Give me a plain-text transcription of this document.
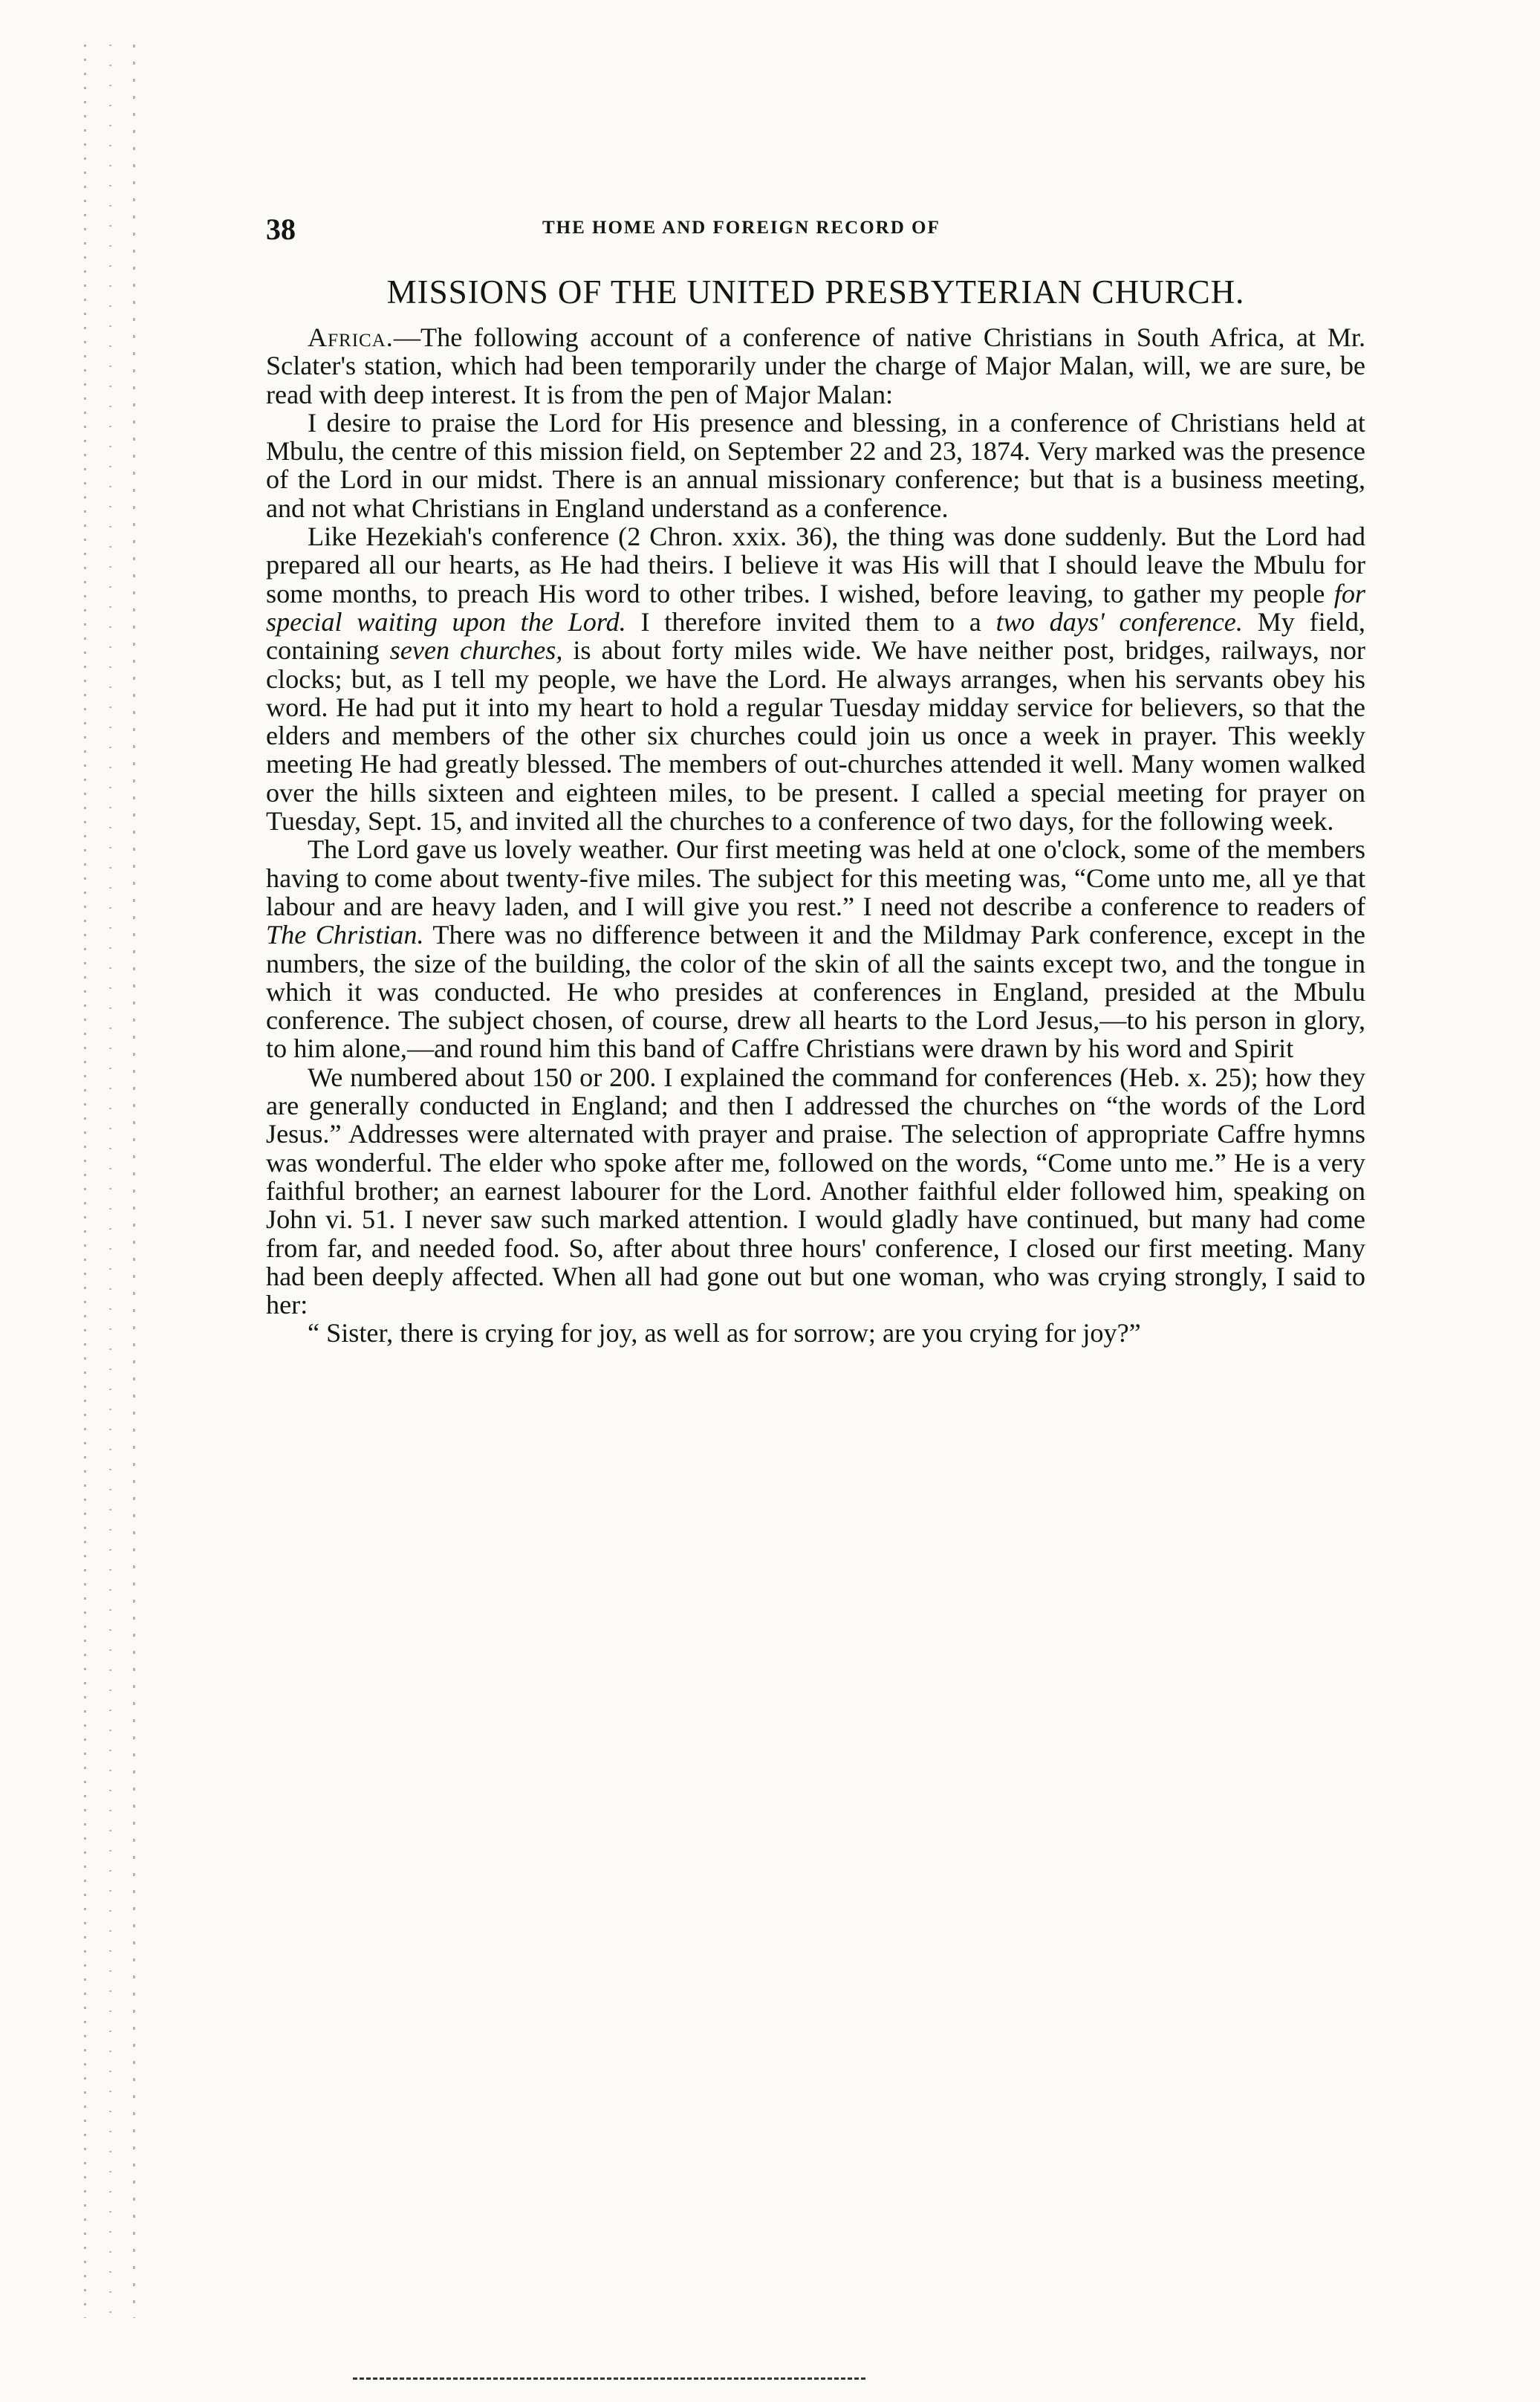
38	THE HOME AND FOREIGN RECORD OF
MISSIONS OF THE UNITED PRESBYTERIAN CHURCH.

Africa.—The following account of a conference of native Christians in South Africa, at Mr. Sclater's station, which had been temporarily under the charge of Major Malan, will, we are sure, be read with deep interest. It is from the pen of Major Malan:

I desire to praise the Lord for His presence and blessing, in a conference of Christians held at Mbulu, the centre of this mission field, on September 22 and 23, 1874. Very marked was the presence of the Lord in our midst. There is an annual missionary conference; but that is a business meeting, and not what Christians in England understand as a conference.

Like Hezekiah's conference (2 Chron. xxix. 36), the thing was done suddenly. But the Lord had prepared all our hearts, as He had theirs. I believe it was His will that I should leave the Mbulu for some months, to preach His word to other tribes. I wished, before leaving, to gather my people for special waiting upon the Lord. I therefore invited them to a two days' conference. My field, containing seven churches, is about forty miles wide. We have neither post, bridges, railways, nor clocks; but, as I tell my people, we have the Lord. He always arranges, when his servants obey his word. He had put it into my heart to hold a regular Tuesday midday service for believers, so that the elders and members of the other six churches could join us once a week in prayer. This weekly meeting He had greatly blessed. The members of out-churches attended it well. Many women walked over the hills sixteen and eighteen miles, to be present. I called a special meeting for prayer on Tuesday, Sept. 15, and invited all the churches to a conference of two days, for the following week.

The Lord gave us lovely weather. Our first meeting was held at one o'clock, some of the members having to come about twenty-five miles. The subject for this meeting was, “Come unto me, all ye that labour and are heavy laden, and I will give you rest.” I need not describe a conference to readers of The Christian. There was no difference between it and the Mildmay Park conference, except in the numbers, the size of the building, the color of the skin of all the saints except two, and the tongue in which it was conducted. He who presides at conferences in England, presided at the Mbulu conference. The subject chosen, of course, drew all hearts to the Lord Jesus,—to his person in glory, to him alone,—and round him this band of Caffre Christians were drawn by his word and Spirit

We numbered about 150 or 200. I explained the command for conferences (Heb. x. 25); how they are generally conducted in England; and then I addressed the churches on “the words of the Lord Jesus.” Addresses were alternated with prayer and praise. The selection of appropriate Caffre hymns was wonderful. The elder who spoke after me, followed on the words, “Come unto me.” He is a very faithful brother; an earnest labourer for the Lord. Another faithful elder followed him, speaking on John vi. 51. I never saw such marked attention. I would gladly have continued, but many had come from far, and needed food. So, after about three hours' conference, I closed our first meeting. Many had been deeply affected. When all had gone out but one woman, who was crying strongly, I said to her:

“ Sister, there is crying for joy, as well as for sorrow; are you crying for joy?”
